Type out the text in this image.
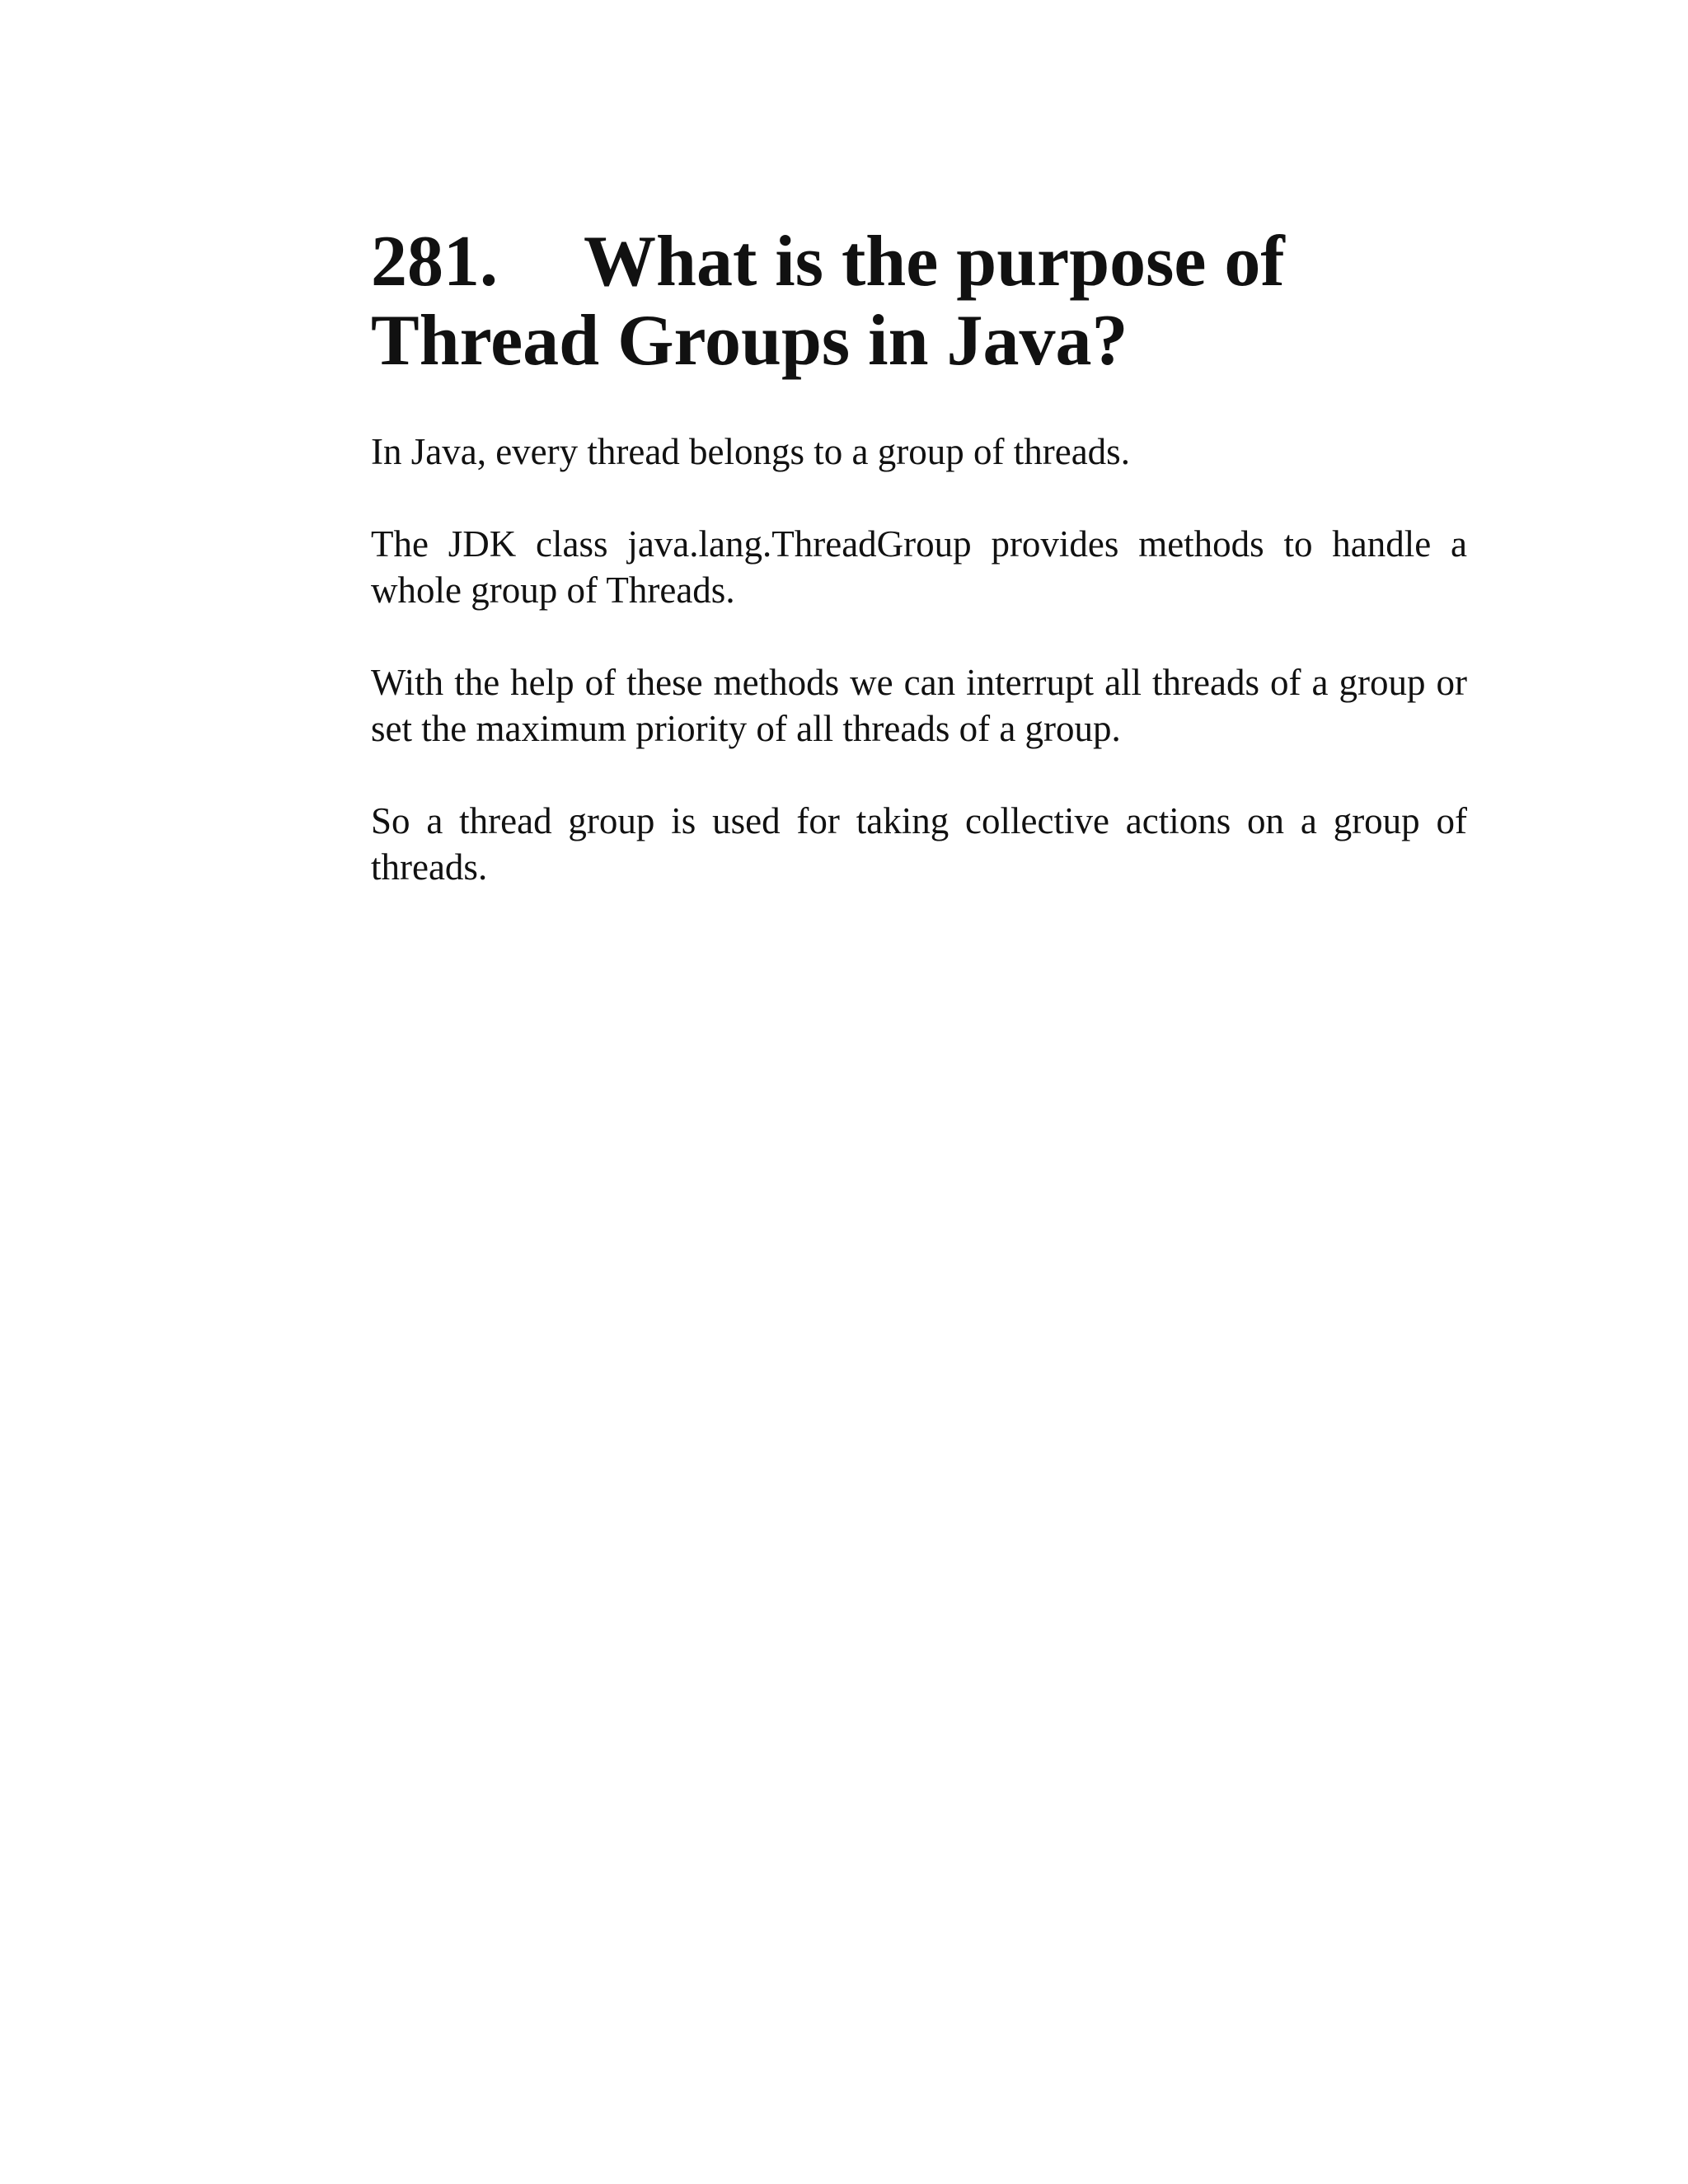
281. What is the purpose of Thread Groups in Java?

In Java, every thread belongs to a group of threads.

The JDK class java.lang.ThreadGroup provides methods to handle a whole group of Threads.

With the help of these methods we can interrupt all threads of a group or set the maximum priority of all threads of a group.

So a thread group is used for taking collective actions on a group of threads.
